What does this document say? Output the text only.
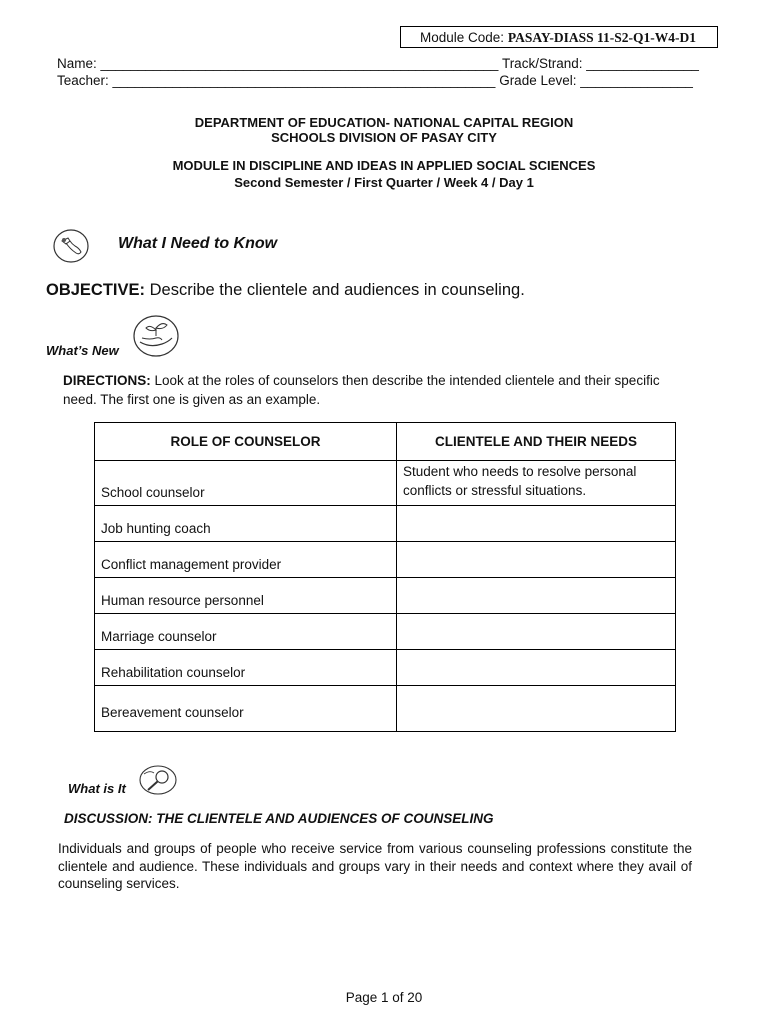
Module Code: PASAY-DIASS 11-S2-Q1-W4-D1
Name: _____________________________________________________ Track/Strand: _______________
Teacher: ___________________________________________________ Grade Level: _______________
DEPARTMENT OF EDUCATION- NATIONAL CAPITAL REGION
SCHOOLS DIVISION OF PASAY CITY
MODULE IN DISCIPLINE AND IDEAS IN APPLIED SOCIAL SCIENCES
Second Semester / First Quarter / Week 4 / Day 1
What I Need to Know
OBJECTIVE: Describe the clientele and audiences in counseling.
What’s New
DIRECTIONS: Look at the roles of counselors then describe the intended clientele and their specific need. The first one is given as an example.
ROLE OF COUNSELOR	CLIENTELE AND THEIR NEEDS
School counselor	Student who needs to resolve personal conflicts or stressful situations.
Job hunting coach	
Conflict management provider	
Human resource personnel	
Marriage counselor	
Rehabilitation counselor	
Bereavement counselor	
What is It
DISCUSSION: THE CLIENTELE AND AUDIENCES OF COUNSELING
Individuals and groups of people who receive service from various counseling professions constitute the clientele and audience. These individuals and groups vary in their needs and context where they avail of counseling services.
Page 1 of 20
